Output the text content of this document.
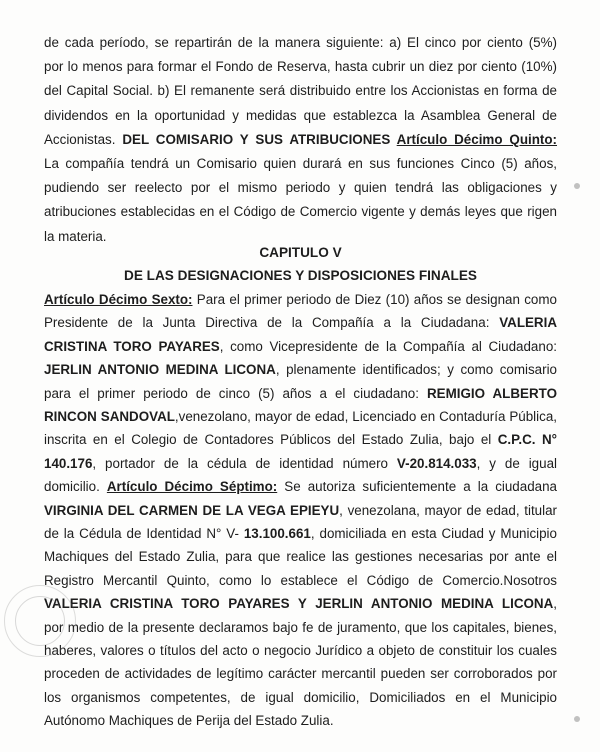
de cada período, se repartirán de la manera siguiente: a) El cinco por ciento (5%)
por lo menos para formar el Fondo de Reserva, hasta cubrir un diez por ciento (10%)
del Capital Social. b) El remanente será distribuido entre los Accionistas en forma de
dividendos en la oportunidad y medidas que establezca la Asamblea General de
Accionistas. DEL COMISARIO Y SUS ATRIBUCIONES Artículo Décimo Quinto:
La compañía tendrá un Comisario quien durará en sus funciones Cinco (5) años,
pudiendo ser reelecto por el mismo periodo y quien tendrá las obligaciones y
atribuciones establecidas en el Código de Comercio vigente y demás leyes que rigen
la materia.
CAPITULO V
DE LAS DESIGNACIONES Y DISPOSICIONES FINALES
Artículo Décimo Sexto: Para el primer periodo de Diez (10) años se designan como
Presidente de la Junta Directiva de la Compañía a la Ciudadana: VALERIA
CRISTINA TORO PAYARES, como Vicepresidente de la Compañía al Ciudadano:
JERLIN ANTONIO MEDINA LICONA, plenamente identificados; y como comisario
para el primer periodo de cinco (5) años a el ciudadano: REMIGIO ALBERTO
RINCON SANDOVAL,venezolano, mayor de edad, Licenciado en Contaduría Pública,
inscrita en el Colegio de Contadores Públicos del Estado Zulia, bajo el C.P.C. N°
140.176, portador de la cédula de identidad número V-20.814.033, y de igual
domicilio. Artículo Décimo Séptimo: Se autoriza suficientemente a la ciudadana
VIRGINIA DEL CARMEN DE LA VEGA EPIEYU, venezolana, mayor de edad, titular
de la Cédula de Identidad N° V- 13.100.661, domiciliada en esta Ciudad y Municipio
Machiques del Estado Zulia, para que realice las gestiones necesarias por ante el
Registro Mercantil Quinto, como lo establece el Código de Comercio.Nosotros
VALERIA CRISTINA TORO PAYARES Y JERLIN ANTONIO MEDINA LICONA,
por medio de la presente declaramos bajo fe de juramento, que los capitales, bienes,
haberes, valores o títulos del acto o negocio Jurídico a objeto de constituir los cuales
proceden de actividades de legítimo carácter mercantil pueden ser corroborados por
los organismos competentes, de igual domicilio, Domiciliados en el Municipio
Autónomo Machiques de Perija del Estado Zulia.
